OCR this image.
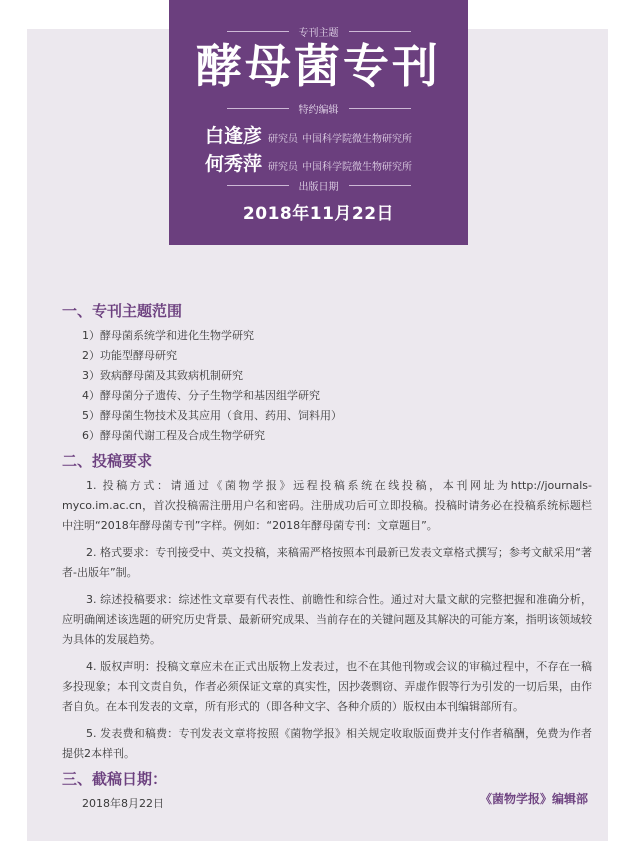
专刊主题
酵母菌专刊
特约编辑
白逢彦 研究员 中国科学院微生物研究所
何秀萍 研究员 中国科学院微生物研究所
出版日期
2018年11月22日
一、专刊主题范围
1）酵母菌系统学和进化生物学研究
2）功能型酵母研究
3）致病酵母菌及其致病机制研究
4）酵母菌分子遗传、分子生物学和基因组学研究
5）酵母菌生物技术及其应用（食用、药用、饲料用）
6）酵母菌代谢工程及合成生物学研究
二、投稿要求

1. 投稿方式：请通过《菌物学报》远程投稿系统在线投稿，本刊网址为http://journals-myco.im.ac.cn，首次投稿需注册用户名和密码。注册成功后可立即投稿。投稿时请务必在投稿系统标题栏中注明“2018年酵母菌专刊”字样。例如：“2018年酵母菌专刊：文章题目”。

2. 格式要求：专刊接受中、英文投稿，来稿需严格按照本刊最新已发表文章格式撰写；参考文献采用“著者-出版年”制。

3. 综述投稿要求：综述性文章要有代表性、前瞻性和综合性。通过对大量文献的完整把握和准确分析，应明确阐述该选题的研究历史背景、最新研究成果、当前存在的关键问题及其解决的可能方案，指明该领域较为具体的发展趋势。

4. 版权声明：投稿文章应未在正式出版物上发表过，也不在其他刊物或会议的审稿过程中，不存在一稿多投现象；本刊文责自负，作者必须保证文章的真实性，因抄袭剽窃、弄虚作假等行为引发的一切后果，由作者自负。在本刊发表的文章，所有形式的（即各种文字、各种介质的）版权由本刊编辑部所有。

5. 发表费和稿费：专刊发表文章将按照《菌物学报》相关规定收取版面费并支付作者稿酬，免费为作者提供2本样刊。

三、截稿日期：
2018年8月22日	《菌物学报》编辑部
